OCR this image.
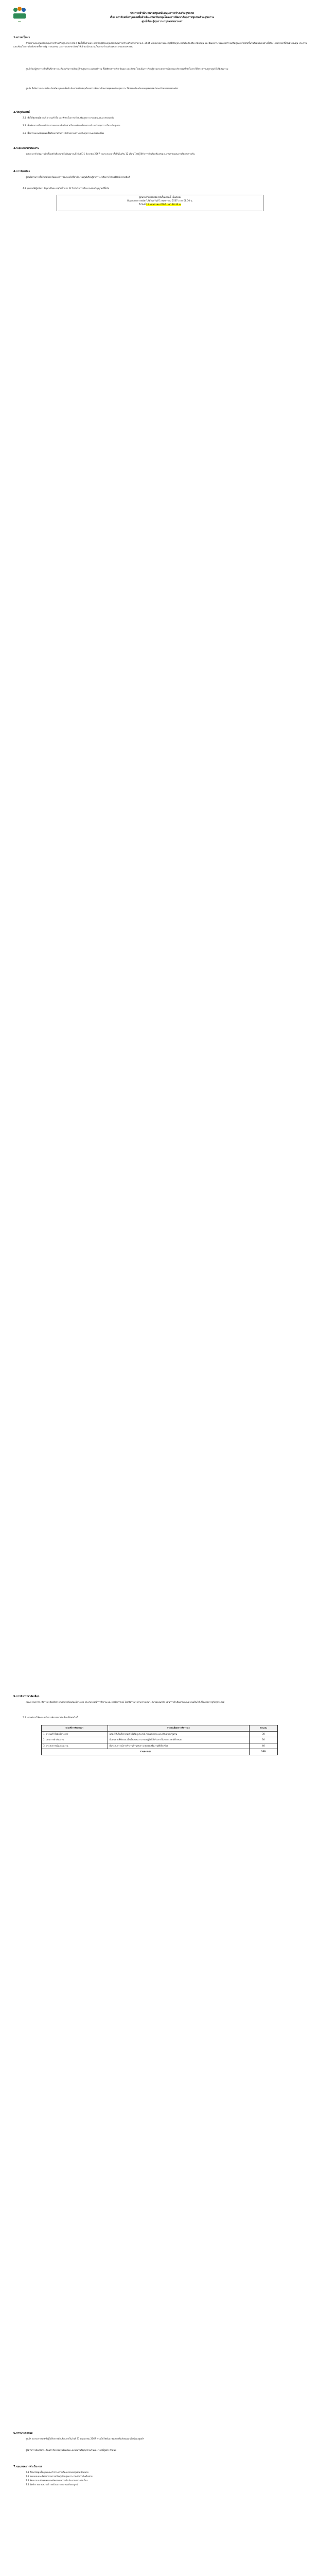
สสส.
ประกาศสำนักงานกองทุนสนับสนุนการสร้างเสริมสุขภาพ
เรื่อง การรับสมัครบุคคลเพื่อดำเนินงานสนับสนุนโครงการพัฒนาศักยภาพชุมชนด้านสุขภาวะ
ศูนย์เรียนรู้สุขภาวะกรุงเทพมหานคร
1.ความเป็นมา
สำนักงานกองทุนสนับสนุนการสร้างเสริมสุขภาพ (สสส.) จัดตั้งขึ้นตามพระราชบัญญัติกองทุนสนับสนุนการสร้างเสริมสุขภาพ พ.ศ. 2544 เป็นหน่วยงานของรัฐที่มีวัตถุประสงค์เพื่อส่งเสริม สนับสนุน และพัฒนากระบวนการสร้างเสริมสุขภาพให้เกิดขึ้นในสังคมไทยอย่างยั่งยืน โดยทำหน้าที่เป็นตัวกระตุ้น ประสาน และเชื่อมโยงภาคีเครือข่ายทั้งภาครัฐ ภาคเอกชน และภาคประชาสังคมให้เข้ามามีส่วนร่วมในการสร้างเสริมสุขภาวะของประชาชน
ศูนย์เรียนรู้สุขภาวะเป็นพื้นที่สาธารณะที่ส่งเสริมการเรียนรู้ด้านสุขภาวะแบบองค์รวม ทั้งมิติทางกาย จิต ปัญญา และสังคม โดยเน้นการเรียนรู้ผ่านประสบการณ์ตรงและกิจกรรมที่เปิดโอกาสให้ประชาชนทุกกลุ่มวัยได้มีส่วนร่วม
ศูนย์ฯ จึงมีความประสงค์จะรับสมัครบุคคลเพื่อดำเนินงานสนับสนุนโครงการพัฒนาศักยภาพชุมชนด้านสุขภาวะ ให้สอดคล้องกับแผนยุทธศาสตร์และเป้าหมายขององค์กร
2.วัตถุประสงค์
2.1 เพื่อให้ชุมชนมีความรู้ ความเข้าใจ และทักษะในการสร้างเสริมสุขภาวะของตนเองและครอบครัว
2.2 เพื่อพัฒนากลไกการมีส่วนร่วมของภาคีเครือข่ายในการขับเคลื่อนงานสร้างเสริมสุขภาวะในระดับชุมชน
2.3 เพื่อสร้างแกนนำชุมชนที่มีศักยภาพในการจัดกิจกรรมสร้างเสริมสุขภาวะอย่างต่อเนื่อง
3.ระยะเวลาดำเนินงาน
ระยะเวลาดำเนินงานนับตั้งแต่วันที่ลงนามในสัญญาจนถึงวันที่ 31 ธันวาคม 2567 รวมระยะเวลาทั้งสิ้นไม่เกิน 12 เดือน โดยผู้ได้รับการคัดเลือกต้องส่งมอบงานตามแผนงานที่ตกลงร่วมกัน
4.การรับสมัคร
ผู้สนใจสามารถยื่นใบสมัครพร้อมเอกสารประกอบได้ที่สำนักงานศูนย์เรียนรู้สุขภาวะ หรือทางไปรษณีย์อิเล็กทรอนิกส์
4.1 คุณสมบัติผู้สมัคร: สัญชาติไทย อายุไม่ต่ำกว่า 22 ปี สำเร็จการศึกษาระดับปริญญาตรีขึ้นไป
ผู้สนใจสามารถสมัครได้ตั้งแต่บัดนี้ เป็นต้นไป
ยื่นเอกสารการสมัครได้ตั้งแต่วันที่ 1 พฤษภาคม 2567 เวลา 08.30 น.
ถึงวันที่ 15 พฤษภาคม 2567 เวลา 16.30 น.
5.การพิจารณาคัดเลือก
คณะกรรมการจะพิจารณาคัดเลือกจากเอกสารข้อเสนอโครงการ ประสบการณ์การทำงาน และการสัมภาษณ์ โดยพิจารณาจากความเหมาะสมของแนวคิด แผนการดำเนินงาน และความเป็นไปได้ในการบรรลุวัตถุประสงค์
5.1 เกณฑ์การให้คะแนนในการพิจารณาคัดเลือกมีดังต่อไปนี้
เกณฑ์การพิจารณา	รายละเอียดการพิจารณา	คะแนน
1. ความเข้าใจต่อโครงการ	แสดงให้เห็นถึงความเข้าใจวัตถุประสงค์ ขอบเขตงาน และบริบทของชุมชน	30
2. แผนการดำเนินงาน	มีแผนงานที่ชัดเจน เป็นขั้นตอน สามารถปฏิบัติได้จริงภายในระยะเวลาที่กำหนด	30
3. ประสบการณ์และผลงาน	มีประสบการณ์การทำงานด้านสุขภาวะชุมชนหรืองานที่เกี่ยวข้อง	40
รวมคะแนน		100
6.การประกาศผล
ศูนย์ฯ จะประกาศรายชื่อผู้ได้รับการคัดเลือกภายในวันที่ 31 พฤษภาคม 2567 ทางเว็บไซต์และช่องทางสื่อสังคมออนไลน์ของศูนย์ฯ
ผู้ได้รับการคัดเลือกจะต้องเข้ารับการปฐมนิเทศและลงนามในสัญญาตามวันและเวลาที่ศูนย์ฯ กำหนด
7.ขอบเขตการดำเนินงาน
7.1 ศึกษาข้อมูลพื้นฐานและสำรวจความต้องการของชุมชนเป้าหมาย
7.2 ออกแบบและจัดกิจกรรมการเรียนรู้ด้านสุขภาวะร่วมกับภาคีเครือข่าย
7.3 พัฒนาแกนนำชุมชนและติดตามผลการดำเนินงานอย่างต่อเนื่อง
7.4 จัดทำรายงานความก้าวหน้าและรายงานฉบับสมบูรณ์
